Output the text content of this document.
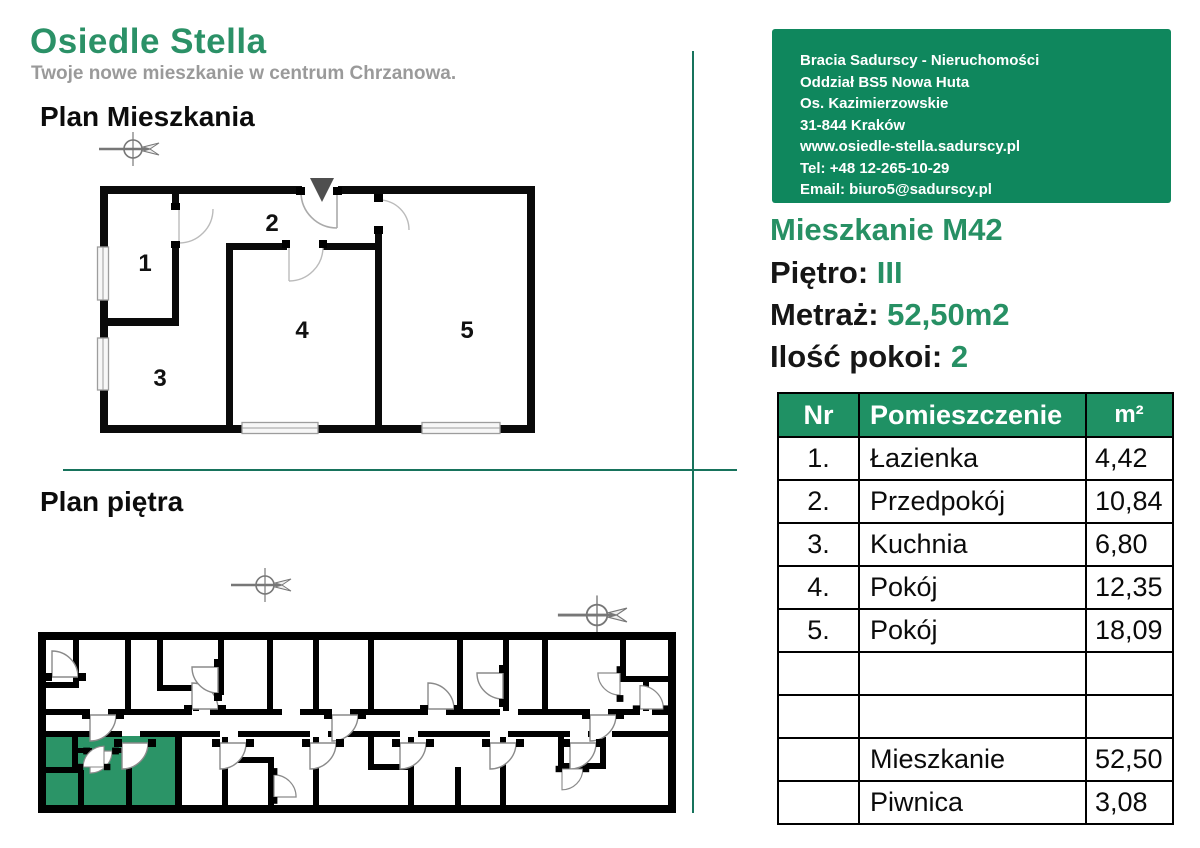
Osiedle Stella
Twoje nowe mieszkanie w centrum Chrzanowa.
Plan Mieszkania
1
2
3
4	5
Plan piętra
Bracia Sadurscy - Nieruchomości
Oddział BS5 Nowa Huta
Os. Kazimierzowskie
31-844 Kraków
www.osiedle-stella.sadurscy.pl
Tel: +48 12-265-10-29
Email: biuro5@sadurscy.pl
Mieszkanie M42
Piętro: III
Metraż: 52,50m2
Ilość pokoi: 2
Nr	Pomieszczenie	m²
1.	Łazienka	4,42
2.	Przedpokój	10,84
3.	Kuchnia	6,80
4.	Pokój	12,35
5.	Pokój	18,09

	Mieszkanie	52,50
	Piwnica	3,08
